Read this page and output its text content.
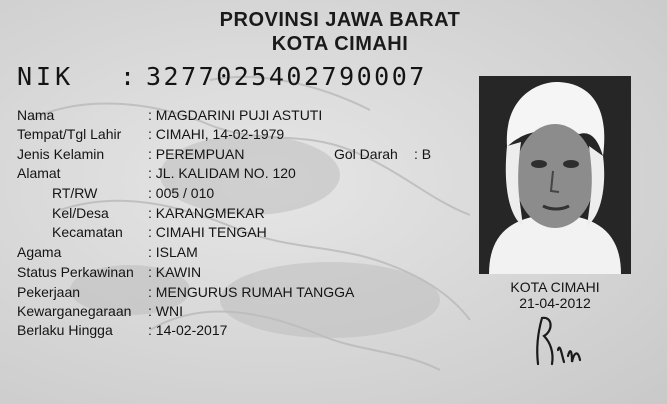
PROVINSI JAWA BARAT
KOTA CIMAHI
NIK : 3277025402790007
Nama	: MAGDARINI PUJI ASTUTI
Tempat/Tgl Lahir : CIMAHI, 14-02-1979
Jenis Kelamin	: PEREMPUAN	Gol Darah : B
Alamat	: JL. KALIDAM NO. 120
RT/RW	: 005 / 010
Kel/Desa	: KARANGMEKAR
Kecamatan : CIMAHI TENGAH
Agama	: ISLAM
Status Perkawinan : KAWIN
Pekerjaan	: MENGURUS RUMAH TANGGA
Kewarganegaraan : WNI
Berlaku Hingga	: 14-02-2017
KOTA CIMAHI
21-04-2012
